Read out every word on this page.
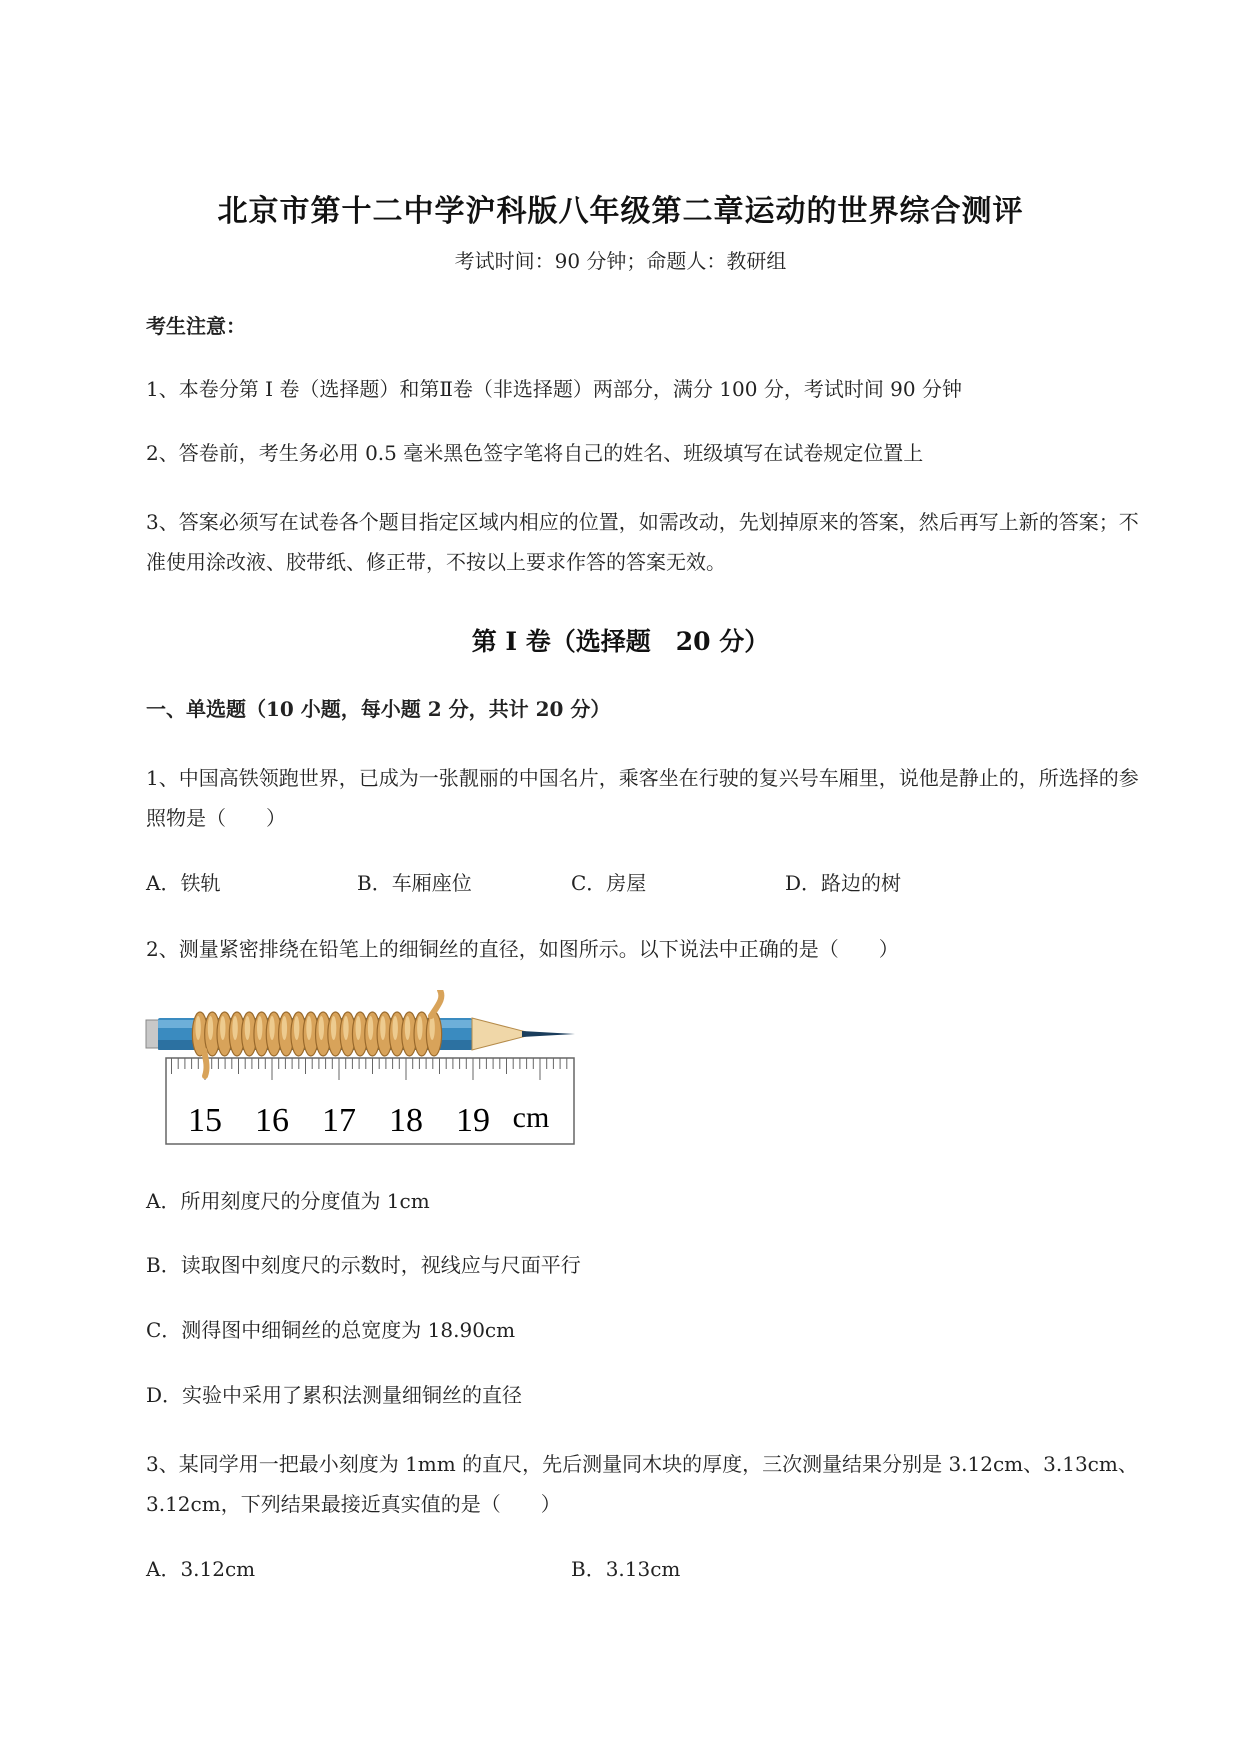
北京市第十二中学沪科版八年级第二章运动的世界综合测评
考试时间：90 分钟；命题人：教研组
考生注意：
1、本卷分第 I 卷（选择题）和第Ⅱ卷（非选择题）两部分，满分 100 分，考试时间 90 分钟
2、答卷前，考生务必用 0.5 毫米黑色签字笔将自己的姓名、班级填写在试卷规定位置上
3、答案必须写在试卷各个题目指定区域内相应的位置，如需改动，先划掉原来的答案，然后再写上新的答案；不准使用涂改液、胶带纸、修正带，不按以上要求作答的答案无效。
第 I 卷（选择题　20 分）
一、单选题（10 小题，每小题 2 分，共计 20 分）
1、中国高铁领跑世界，已成为一张靓丽的中国名片，乘客坐在行驶的复兴号车厢里，说他是静止的，所选择的参照物是（　　）
A．铁轨	B．车厢座位	C．房屋	D．路边的树
2、测量紧密排绕在铅笔上的细铜丝的直径，如图所示。以下说法中正确的是（　　）
15 16 17 18 19 cm
A．所用刻度尺的分度值为 1cm
B．读取图中刻度尺的示数时，视线应与尺面平行
C．测得图中细铜丝的总宽度为 18.90cm
D．实验中采用了累积法测量细铜丝的直径
3、某同学用一把最小刻度为 1mm 的直尺，先后测量同木块的厚度，三次测量结果分别是 3.12cm、3.13cm、3.12cm，下列结果最接近真实值的是（　　）
A．3.12cm	B．3.13cm
